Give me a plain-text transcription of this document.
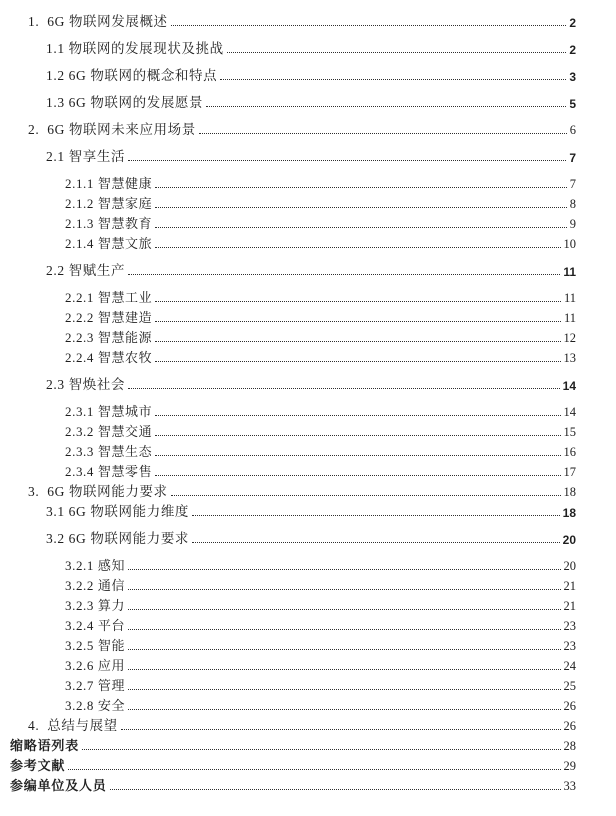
1.  6G 物联网发展概述	2
1.1 物联网的发展现状及挑战	2
1.2 6G 物联网的概念和特点	3
1.3 6G 物联网的发展愿景	5
2.  6G 物联网未来应用场景	6
2.1 智享生活	7
2.1.1 智慧健康	7
2.1.2 智慧家庭	8
2.1.3 智慧教育	9
2.1.4 智慧文旅	10
2.2 智赋生产	11
2.2.1 智慧工业	11
2.2.2 智慧建造	11
2.2.3 智慧能源	12
2.2.4 智慧农牧	13
2.3 智焕社会	14
2.3.1 智慧城市	14
2.3.2 智慧交通	15
2.3.3 智慧生态	16
2.3.4 智慧零售	17
3.  6G 物联网能力要求	18
3.1 6G 物联网能力维度	18
3.2 6G 物联网能力要求	20
3.2.1 感知	20
3.2.2 通信	21
3.2.3 算力	21
3.2.4 平台	23
3.2.5 智能	23
3.2.6 应用	24
3.2.7 管理	25
3.2.8 安全	26
4.  总结与展望	26
缩略语列表	28
参考文献	29
参编单位及人员	33
